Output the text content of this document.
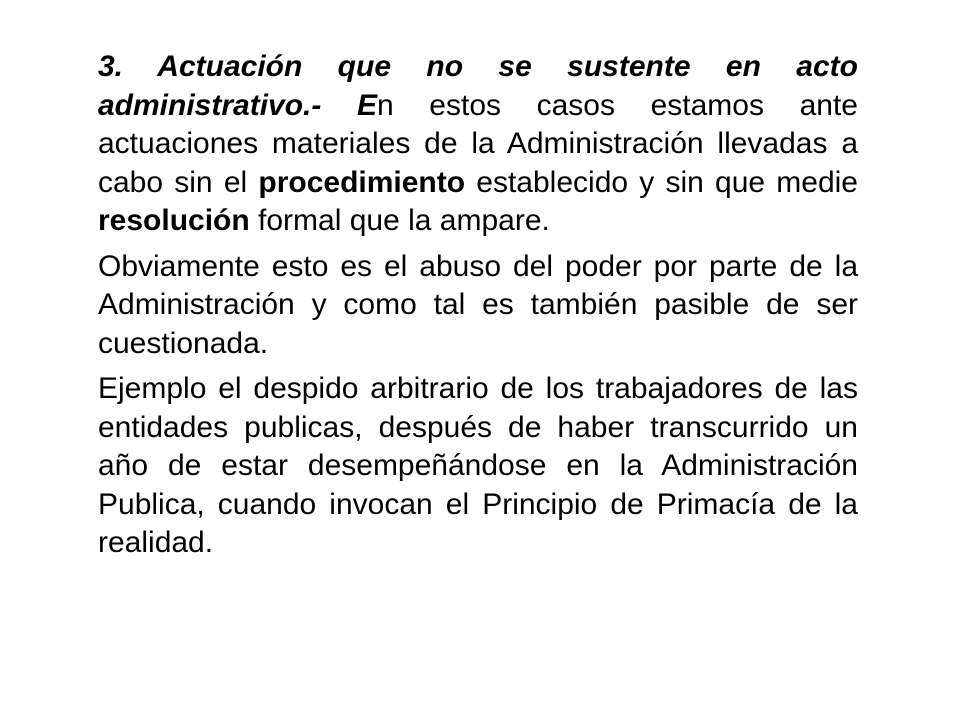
3. Actuación que no se sustente en acto administrativo.- En estos casos estamos ante actuaciones materiales de la Administración llevadas a cabo sin el procedimiento establecido y sin que medie resolución formal que la ampare.

Obviamente esto es el abuso del poder por parte de la Administración y como tal es también pasible de ser cuestionada.

Ejemplo el despido arbitrario de los trabajadores de las entidades publicas, después de haber transcurrido un año de estar desempeñándose en la Administración Publica, cuando invocan el Principio de Primacía de la realidad.
